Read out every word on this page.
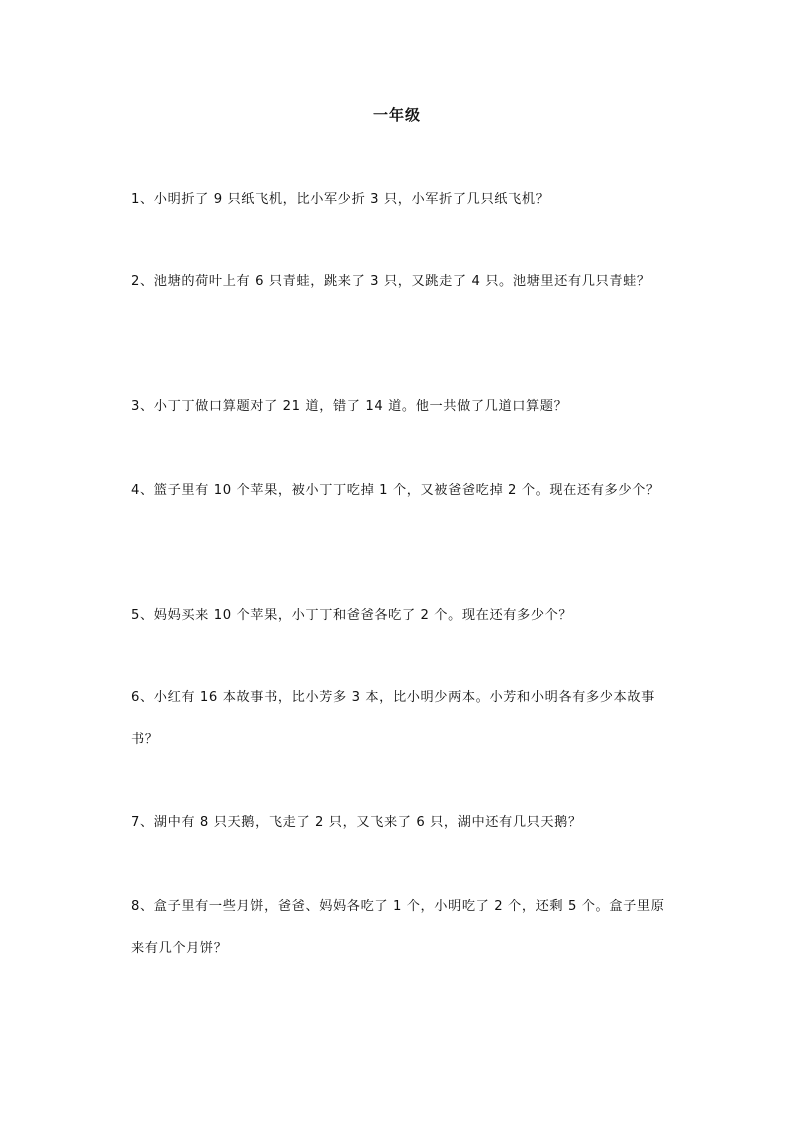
一年级
1、小明折了 9 只纸飞机，比小军少折 3 只，小军折了几只纸飞机？
2、池塘的荷叶上有 6 只青蛙，跳来了 3 只，又跳走了 4 只。池塘里还有几只青蛙？
3、小丁丁做口算题对了 21 道，错了 14 道。他一共做了几道口算题？
4、篮子里有 10 个苹果，被小丁丁吃掉 1 个，又被爸爸吃掉 2 个。现在还有多少个？
5、妈妈买来 10 个苹果，小丁丁和爸爸各吃了 2 个。现在还有多少个？
6、小红有 16 本故事书，比小芳多 3 本，比小明少两本。小芳和小明各有多少本故事书？
7、湖中有 8 只天鹅，飞走了 2 只，又飞来了 6 只，湖中还有几只天鹅？
8、盒子里有一些月饼，爸爸、妈妈各吃了 1 个，小明吃了 2 个，还剩 5 个。盒子里原来有几个月饼？
